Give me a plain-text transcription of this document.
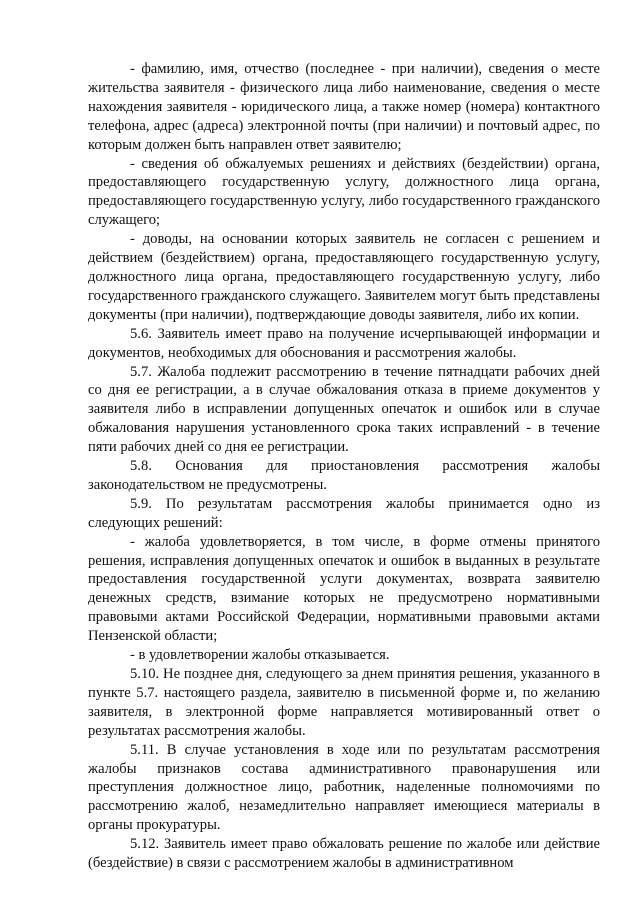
- фамилию, имя, отчество (последнее - при наличии), сведения о месте жительства заявителя - физического лица либо наименование, сведения о месте нахождения заявителя - юридического лица, а также номер (номера) контактного телефона, адрес (адреса) электронной почты (при наличии) и почтовый адрес, по которым должен быть направлен ответ заявителю;

- сведения об обжалуемых решениях и действиях (бездействии) органа, предоставляющего государственную услугу, должностного лица органа, предоставляющего государственную услугу, либо государственного гражданского служащего;

- доводы, на основании которых заявитель не согласен с решением и действием (бездействием) органа, предоставляющего государственную услугу, должностного лица органа, предоставляющего государственную услугу, либо государственного гражданского служащего. Заявителем могут быть представлены документы (при наличии), подтверждающие доводы заявителя, либо их копии.

5.6. Заявитель имеет право на получение исчерпывающей информации и документов, необходимых для обоснования и рассмотрения жалобы.

5.7. Жалоба подлежит рассмотрению в течение пятнадцати рабочих дней со дня ее регистрации, а в случае обжалования отказа в приеме документов у заявителя либо в исправлении допущенных опечаток и ошибок или в случае обжалования нарушения установленного срока таких исправлений - в течение пяти рабочих дней со дня ее регистрации.

5.8. Основания для приостановления рассмотрения жалобы законодательством не предусмотрены.

5.9. По результатам рассмотрения жалобы принимается одно из следующих решений:

- жалоба удовлетворяется, в том числе, в форме отмены принятого решения, исправления допущенных опечаток и ошибок в выданных в результате предоставления государственной услуги документах, возврата заявителю денежных средств, взимание которых не предусмотрено нормативными правовыми актами Российской Федерации, нормативными правовыми актами Пензенской области;

- в удовлетворении жалобы отказывается.

5.10. Не позднее дня, следующего за днем принятия решения, указанного в пункте 5.7. настоящего раздела, заявителю в письменной форме и, по желанию заявителя, в электронной форме направляется мотивированный ответ о результатах рассмотрения жалобы.

5.11. В случае установления в ходе или по результатам рассмотрения жалобы признаков состава административного правонарушения или преступления должностное лицо, работник, наделенные полномочиями по рассмотрению жалоб, незамедлительно направляет имеющиеся материалы в органы прокуратуры.

5.12. Заявитель имеет право обжаловать решение по жалобе или действие (бездействие) в связи с рассмотрением жалобы в административном
